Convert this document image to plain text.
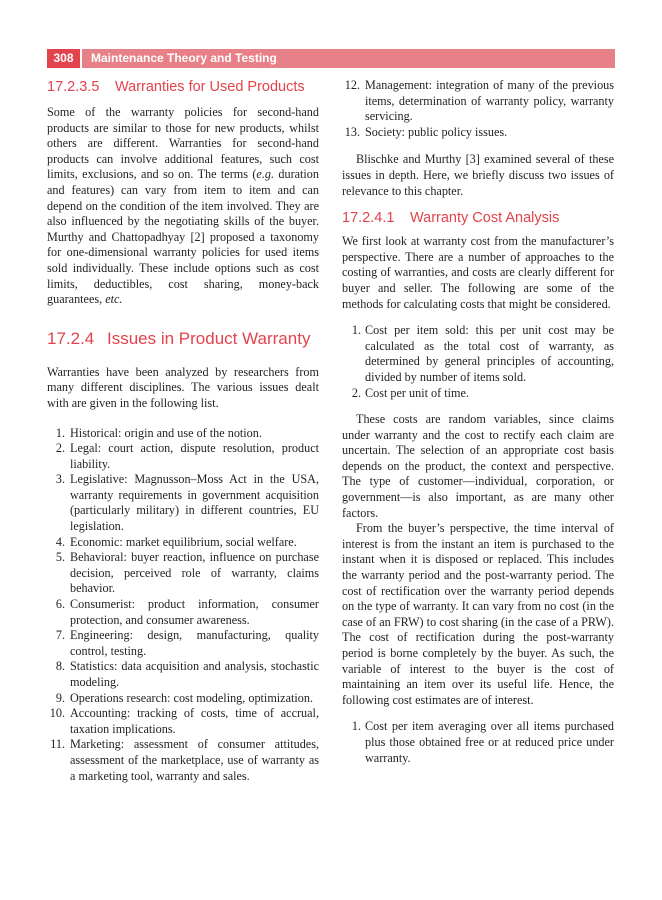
308	Maintenance Theory and Testing
17.2.3.5 Warranties for Used Products

Some of the warranty policies for second-hand products are similar to those for new products, whilst others are different. Warranties for second-hand products can involve additional features, such cost limits, exclusions, and so on. The terms (e.g. duration and features) can vary from item to item and can depend on the condition of the item involved. They are also influenced by the negotiating skills of the buyer. Murthy and Chattopadhyay [2] proposed a taxonomy for one-dimensional warranty policies for used items sold individually. These include options such as cost limits, deductibles, cost sharing, money-back guarantees, etc.

17.2.4 Issues in Product Warranty

Warranties have been analyzed by researchers from many different disciplines. The various issues dealt with are given in the following list.

1. Historical: origin and use of the notion.
2. Legal: court action, dispute resolution, product liability.
3. Legislative: Magnusson–Moss Act in the USA, warranty requirements in government acquisition (particularly military) in different countries, EU legislation.
4. Economic: market equilibrium, social welfare.
5. Behavioral: buyer reaction, influence on purchase decision, perceived role of warranty, claims behavior.
6. Consumerist: product information, consumer protection, and consumer awareness.
7. Engineering: design, manufacturing, quality control, testing.
8. Statistics: data acquisition and analysis, stochastic modeling.
9. Operations research: cost modeling, optimization.
10. Accounting: tracking of costs, time of accrual, taxation implications.
11. Marketing: assessment of consumer attitudes, assessment of the marketplace, use of warranty as a marketing tool, warranty and sales.
12. Management: integration of many of the previous items, determination of warranty policy, warranty servicing.
13. Society: public policy issues.

Blischke and Murthy [3] examined several of these issues in depth. Here, we briefly discuss two issues of relevance to this chapter.

17.2.4.1 Warranty Cost Analysis

We first look at warranty cost from the manufacturer’s perspective. There are a number of approaches to the costing of warranties, and costs are clearly different for buyer and seller. The following are some of the methods for calculating costs that might be considered.

1. Cost per item sold: this per unit cost may be calculated as the total cost of warranty, as determined by general principles of accounting, divided by number of items sold.
2. Cost per unit of time.

These costs are random variables, since claims under warranty and the cost to rectify each claim are uncertain. The selection of an appropriate cost basis depends on the product, the context and perspective. The type of customer—individual, corporation, or government—is also important, as are many other factors.

From the buyer’s perspective, the time interval of interest is from the instant an item is purchased to the instant when it is disposed or replaced. This includes the warranty period and the post-warranty period. The cost of rectification over the warranty period depends on the type of warranty. It can vary from no cost (in the case of an FRW) to cost sharing (in the case of a PRW). The cost of rectification during the post-warranty period is borne completely by the buyer. As such, the variable of interest to the buyer is the cost of maintaining an item over its useful life. Hence, the following cost estimates are of interest.

1. Cost per item averaging over all items purchased plus those obtained free or at reduced price under warranty.
